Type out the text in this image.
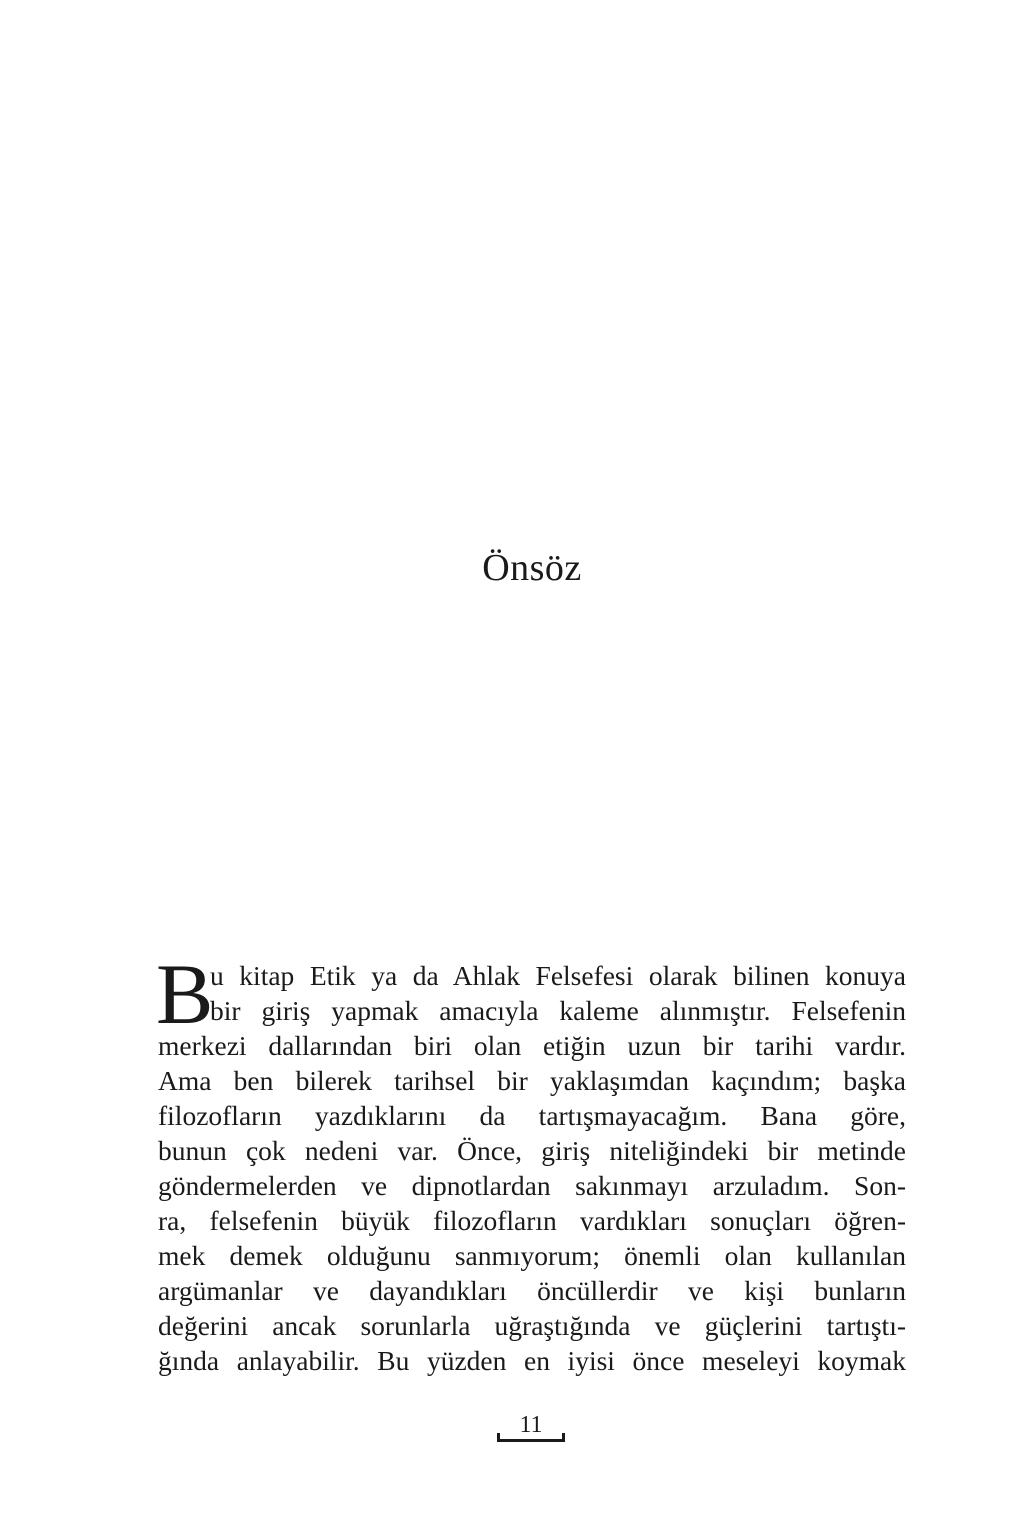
Önsöz
B
u kitap Etik ya da Ahlak Felsefesi olarak bilinen konuya
bir giriş yapmak amacıyla kaleme alınmıştır. Felsefenin
merkezi dallarından biri olan etiğin uzun bir tarihi vardır.
Ama ben bilerek tarihsel bir yaklaşımdan kaçındım; başka
filozofların yazdıklarını da tartışmayacağım. Bana göre,
bunun çok nedeni var. Önce, giriş niteliğindeki bir metinde
göndermelerden ve dipnotlardan sakınmayı arzuladım. Son-
ra, felsefenin büyük filozofların vardıkları sonuçları öğren-
mek demek olduğunu sanmıyorum; önemli olan kullanılan
argümanlar ve dayandıkları öncüllerdir ve kişi bunların
değerini ancak sorunlarla uğraştığında ve güçlerini tartıştı-
ğında anlayabilir. Bu yüzden en iyisi önce meseleyi koymak
11
